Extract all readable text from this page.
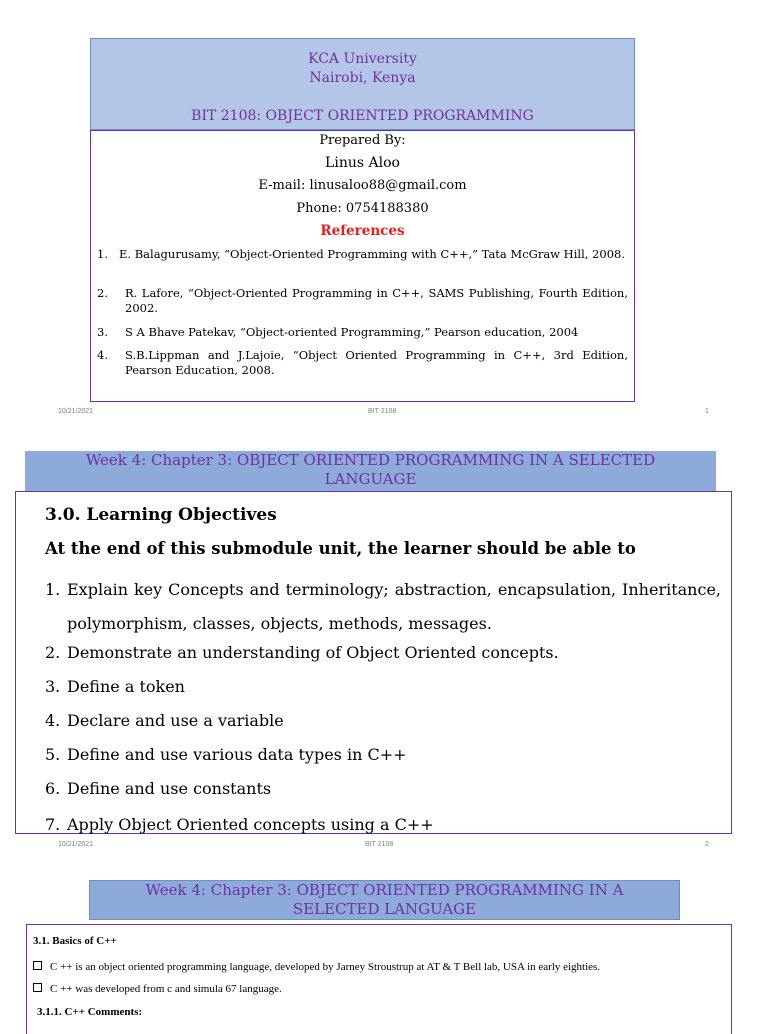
KCA University
Nairobi, Kenya
BIT 2108: OBJECT ORIENTED PROGRAMMING
Prepared By:
Linus Aloo
E-mail: linusaloo88@gmail.com
Phone: 0754188380
References
1. E. Balagurusamy, “Object-Oriented Programming with C++,” Tata McGraw Hill, 2008.
2. R. Lafore, “Object-Oriented Programming in C++, SAMS Publishing, Fourth Edition, 2002.
3. S A Bhave Patekav, “Object-oriented Programming,” Pearson education, 2004
4. S.B.Lippman and J.Lajoie, “Object Oriented Programming in C++, 3rd Edition, Pearson Education, 2008.
10/21/2021	BIT 2108	1
Week 4: Chapter 3: OBJECT ORIENTED PROGRAMMING IN A SELECTED LANGUAGE
3.0. Learning Objectives
At the end of this submodule unit, the learner should be able to
1. Explain key Concepts and terminology; abstraction, encapsulation, Inheritance, polymorphism, classes, objects, methods, messages.
2. Demonstrate an understanding of Object Oriented concepts.
3. Define a token
4. Declare and use a variable
5. Define and use various data types in C++
6. Define and use constants
7. Apply Object Oriented concepts using a C++
10/21/2021	BIT 2108	2
Week 4: Chapter 3: OBJECT ORIENTED PROGRAMMING IN A SELECTED LANGUAGE
3.1. Basics of C++
C ++ is an object oriented programming language, developed by Jarney Stroustrup at AT & T Bell lab, USA in early eighties.
C ++ was developed from c and simula 67 language.
3.1.1. C++ Comments:
